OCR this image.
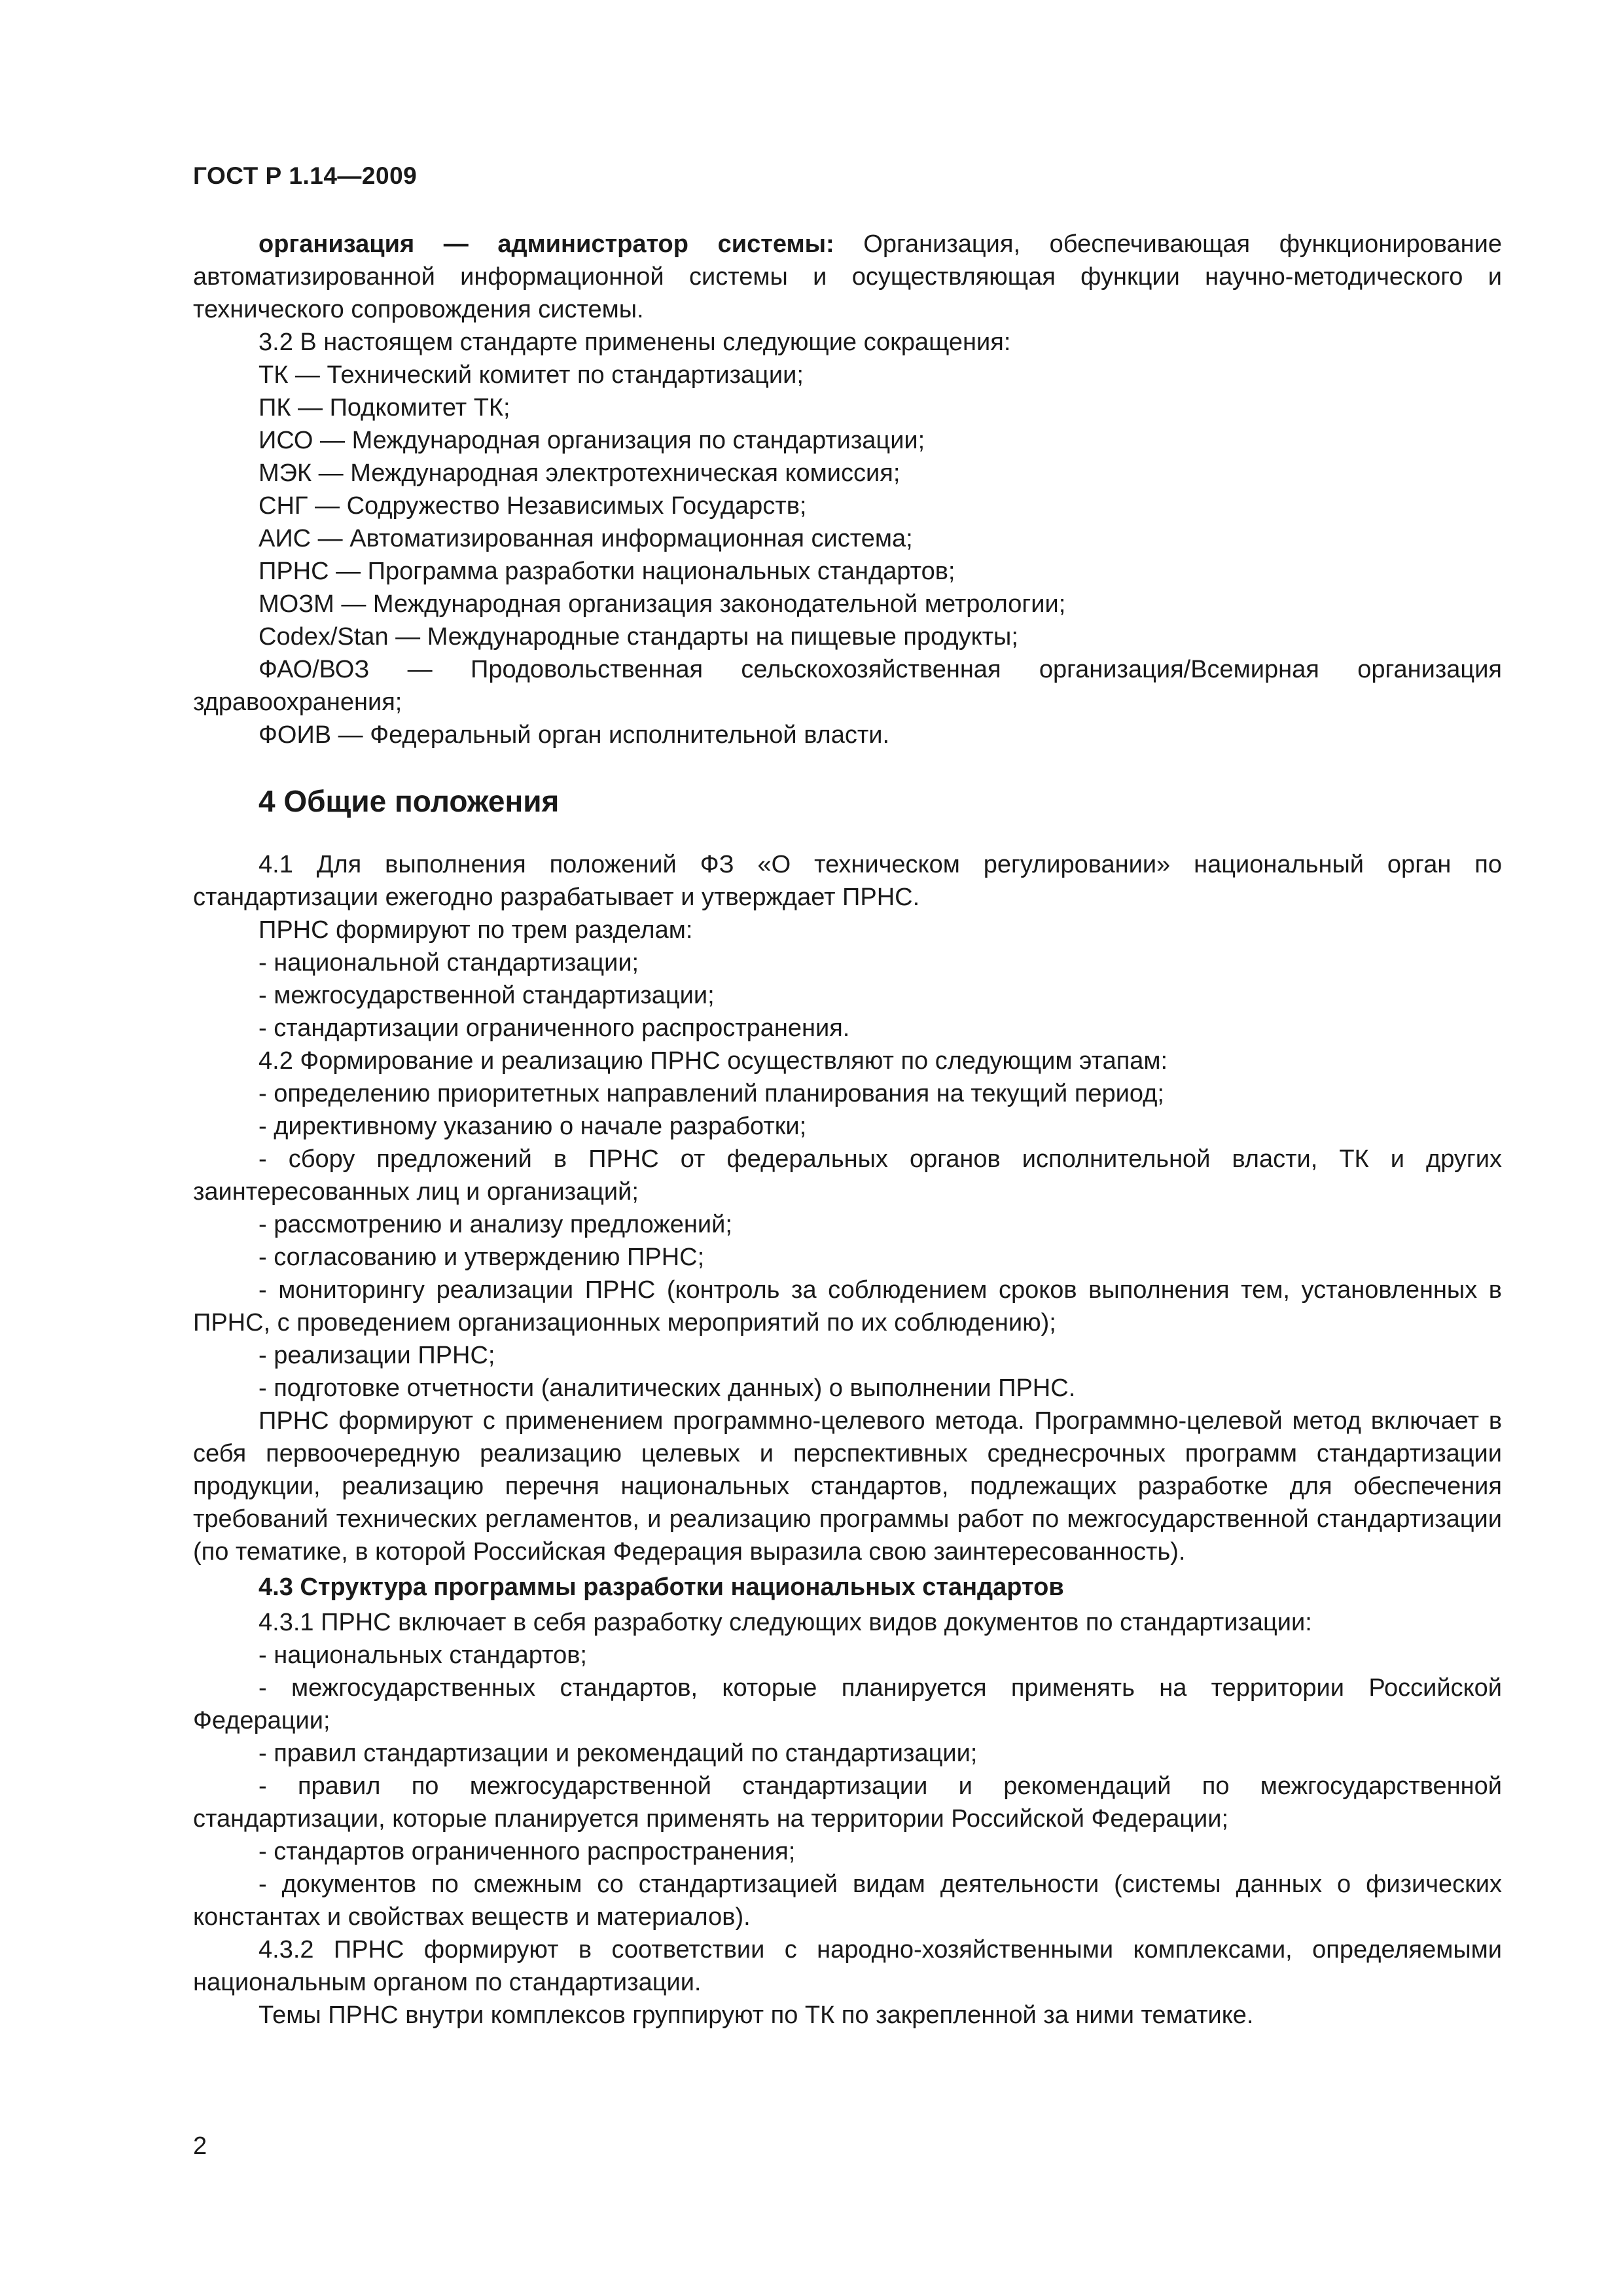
ГОСТ Р 1.14—2009

организация — администратор системы: Организация, обеспечивающая функционирование автоматизированной информационной системы и осуществляющая функции научно-методического и технического сопровождения системы.

3.2 В настоящем стандарте применены следующие сокращения:

ТК — Технический комитет по стандартизации;

ПК — Подкомитет ТК;

ИСО — Международная организация по стандартизации;

МЭК — Международная электротехническая комиссия;

СНГ — Содружество Независимых Государств;

АИС — Автоматизированная информационная система;

ПРНС — Программа разработки национальных стандартов;

МОЗМ — Международная организация законодательной метрологии;

Codex/Stan — Международные стандарты на пищевые продукты;

ФАО/ВОЗ — Продовольственная сельскохозяйственная организация/Всемирная организация здравоохранения;

ФОИВ — Федеральный орган исполнительной власти.

4 Общие положения

4.1 Для выполнения положений ФЗ «О техническом регулировании» национальный орган по стандартизации ежегодно разрабатывает и утверждает ПРНС.

ПРНС формируют по трем разделам:

- национальной стандартизации;

- межгосударственной стандартизации;

- стандартизации ограниченного распространения.

4.2 Формирование и реализацию ПРНС осуществляют по следующим этапам:

- определению приоритетных направлений планирования на текущий период;

- директивному указанию о начале разработки;

- сбору предложений в ПРНС от федеральных органов исполнительной власти, ТК и других заинтересованных лиц и организаций;

- рассмотрению и анализу предложений;

- согласованию и утверждению ПРНС;

- мониторингу реализации ПРНС (контроль за соблюдением сроков выполнения тем, установленных в ПРНС, с проведением организационных мероприятий по их соблюдению);

- реализации ПРНС;

- подготовке отчетности (аналитических данных) о выполнении ПРНС.

ПРНС формируют с применением программно-целевого метода. Программно-целевой метод включает в себя первоочередную реализацию целевых и перспективных среднесрочных программ стандартизации продукции, реализацию перечня национальных стандартов, подлежащих разработке для обеспечения требований технических регламентов, и реализацию программы работ по межгосударственной стандартизации (по тематике, в которой Российская Федерация выразила свою заинтересованность).

4.3 Структура программы разработки национальных стандартов

4.3.1 ПРНС включает в себя разработку следующих видов документов по стандартизации:

- национальных стандартов;

- межгосударственных стандартов, которые планируется применять на территории Российской Федерации;

- правил стандартизации и рекомендаций по стандартизации;

- правил по межгосударственной стандартизации и рекомендаций по межгосударственной стандартизации, которые планируется применять на территории Российской Федерации;

- стандартов ограниченного распространения;

- документов по смежным со стандартизацией видам деятельности (системы данных о физических константах и свойствах веществ и материалов).

4.3.2 ПРНС формируют в соответствии с народно-хозяйственными комплексами, определяемыми национальным органом по стандартизации.

Темы ПРНС внутри комплексов группируют по ТК по закрепленной за ними тематике.

2
